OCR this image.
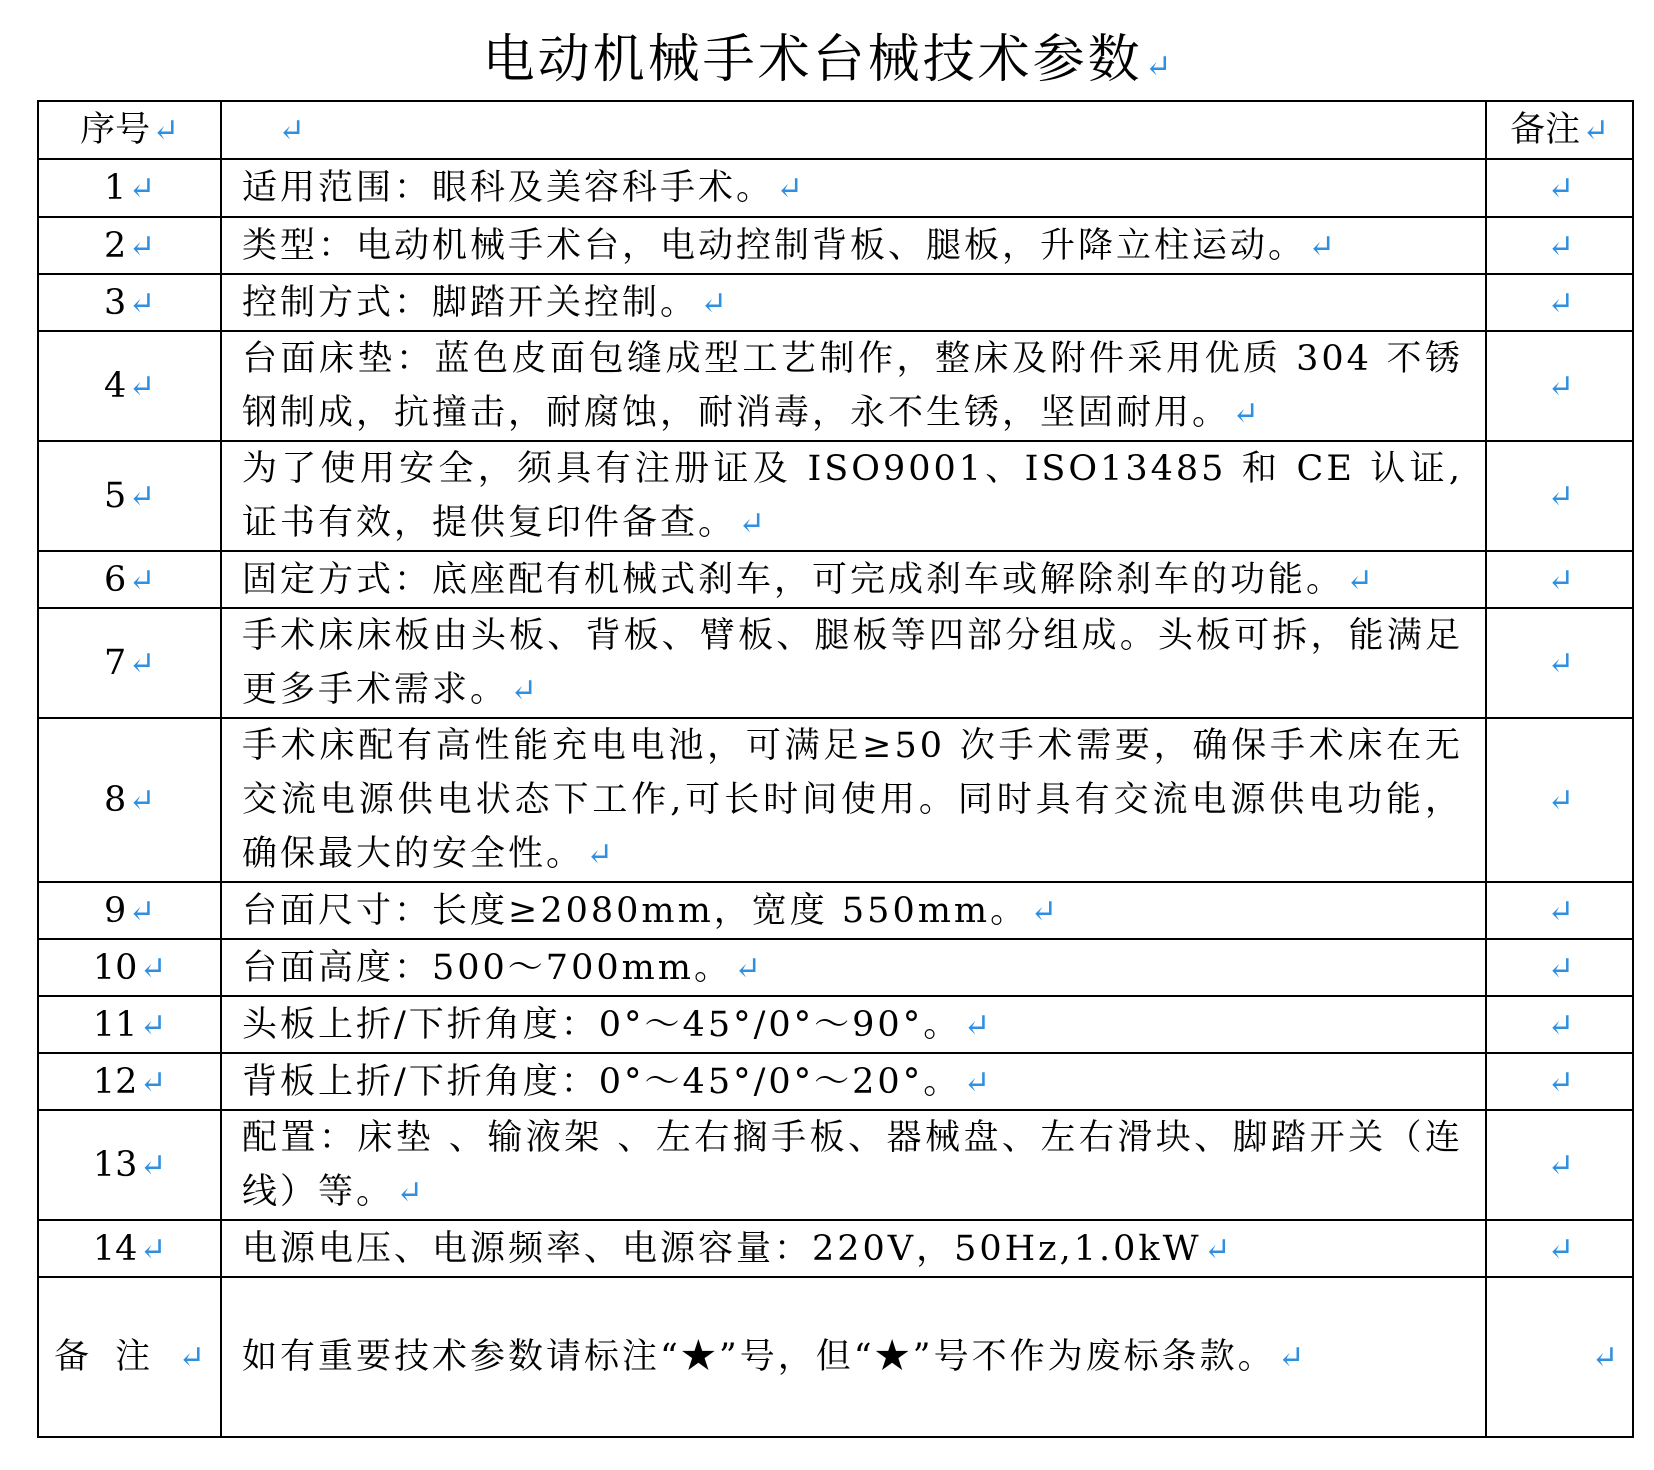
电动机械手术台械技术参数↵
序号↵	↵	备注↵
1↵	适用范围：眼科及美容科手术。↵	↵
2↵	类型：电动机械手术台，电动控制背板、腿板，升降立柱运动。↵	↵
3↵	控制方式：脚踏开关控制。↵	↵
4↵	台面床垫：蓝色皮面包缝成型工艺制作，整床及附件采用优质 304 不锈钢制成，抗撞击，耐腐蚀，耐消毒，永不生锈，坚固耐用。↵	↵
5↵	为了使用安全，须具有注册证及 ISO9001、ISO13485 和 CE 认证,证书有效，提供复印件备查。↵	↵
6↵	固定方式：底座配有机械式刹车，可完成刹车或解除刹车的功能。↵	↵
7↵	手术床床板由头板、背板、臂板、腿板等四部分组成。头板可拆，能满足更多手术需求。↵	↵
8↵	手术床配有高性能充电电池，可满足≥50 次手术需要，确保手术床在无交流电源供电状态下工作,可长时间使用。同时具有交流电源供电功能，确保最大的安全性。↵	↵
9↵	台面尺寸：长度≥2080mm，宽度 550mm。↵	↵
10↵	台面高度：500～700mm。↵	↵
11↵	头板上折/下折角度：0°～45°/0°～90°。↵	↵
12↵	背板上折/下折角度：0°～45°/0°～20°。↵	↵
13↵	配置：床垫 、输液架 、左右搁手板、器械盘、左右滑块、脚踏开关（连线）等。↵	↵
14↵	电源电压、电源频率、电源容量：220V，50Hz,1.0kW↵	↵
备注↵	如有重要技术参数请标注“★”号，但“★”号不作为废标条款。↵	↵
